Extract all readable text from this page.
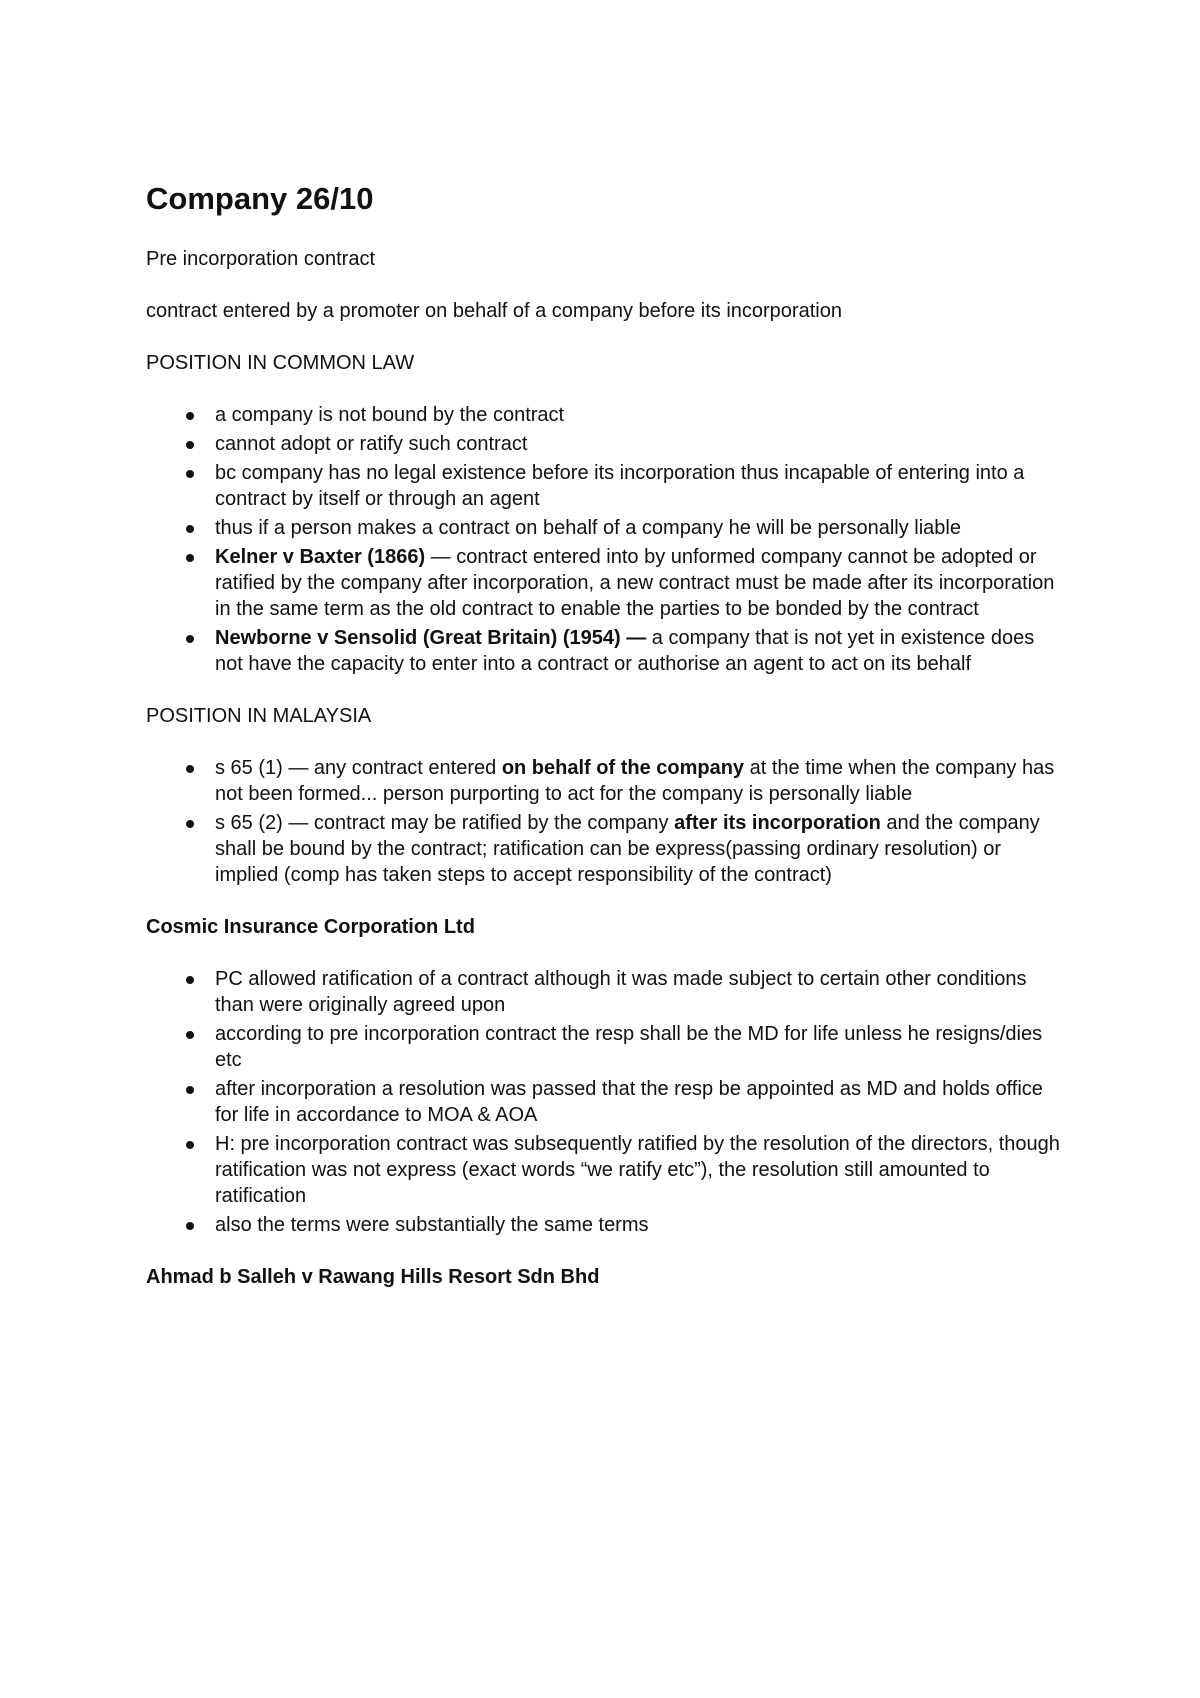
Company 26/10

Pre incorporation contract

contract entered by a promoter on behalf of a company before its incorporation

POSITION IN COMMON LAW

a company is not bound by the contract
cannot adopt or ratify such contract
bc company has no legal existence before its incorporation thus incapable of entering into a contract by itself or through an agent
thus if a person makes a contract on behalf of a company he will be personally liable
Kelner v Baxter (1866) — contract entered into by unformed company cannot be adopted or ratified by the company after incorporation, a new contract must be made after its incorporation in the same term as the old contract to enable the parties to be bonded by the contract
Newborne v Sensolid (Great Britain) (1954) — a company that is not yet in existence does not have the capacity to enter into a contract or authorise an agent to act on its behalf

POSITION IN MALAYSIA

s 65 (1) — any contract entered on behalf of the company at the time when the company has not been formed... person purporting to act for the company is personally liable
s 65 (2) — contract may be ratified by the company after its incorporation and the company shall be bound by the contract; ratification can be express(passing ordinary resolution) or implied (comp has taken steps to accept responsibility of the contract)

Cosmic Insurance Corporation Ltd

PC allowed ratification of a contract although it was made subject to certain other conditions than were originally agreed upon
according to pre incorporation contract the resp shall be the MD for life unless he resigns/dies etc
after incorporation a resolution was passed that the resp be appointed as MD and holds office for life in accordance to MOA & AOA
H: pre incorporation contract was subsequently ratified by the resolution of the directors, though ratification was not express (exact words “we ratify etc”), the resolution still amounted to ratification
also the terms were substantially the same terms

Ahmad b Salleh v Rawang Hills Resort Sdn Bhd
